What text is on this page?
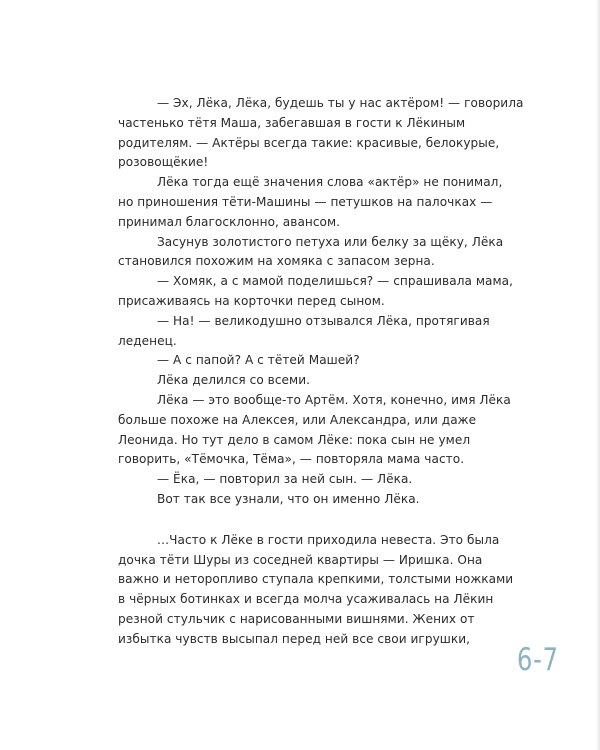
— Эх, Лёка, Лёка, будешь ты у нас актёром! — говорила
частенько тётя Маша, забегавшая в гости к Лёкиным
родителям. — Актёры всегда такие: красивые, белокурые,
розовощёкие!
Лёка тогда ещё значения слова «актёр» не понимал,
но приношения тёти-Машины — петушков на палочках —
принимал благосклонно, авансом.
Засунув золотистого петуха или белку за щёку, Лёка
становился похожим на хомяка с запасом зерна.
— Хомяк, а с мамой поделишься? — спрашивала мама,
присаживаясь на корточки перед сыном.
— На! — великодушно отзывался Лёка, протягивая
леденец.
— А с папой? А с тётей Машей?
Лёка делился со всеми.
Лёка — это вообще-то Артём. Хотя, конечно, имя Лёка
больше похоже на Алексея, или Александра, или даже
Леонида. Но тут дело в самом Лёке: пока сын не умел
говорить, «Тёмочка, Тёма», — повторяла мама часто.
— Ёка, — повторил за ней сын. — Лёка.
Вот так все узнали, что он именно Лёка.
…Часто к Лёке в гости приходила невеста. Это была
дочка тёти Шуры из соседней квартиры — Иришка. Она
важно и неторопливо ступала крепкими, толстыми ножками
в чёрных ботинках и всегда молча усаживалась на Лёкин
резной стульчик с нарисованными вишнями. Жених от
избытка чувств высыпал перед ней все свои игрушки,
6-7
